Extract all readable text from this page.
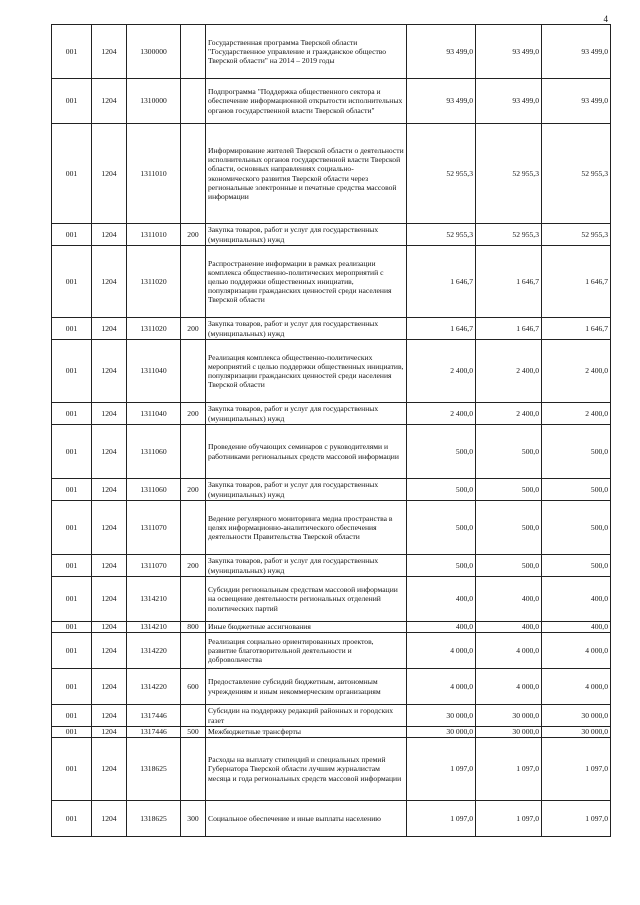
4
001	1204	1300000		Государственная программа Тверской области "Государственное управление и гражданское общество Тверской области" на 2014 – 2019 годы	93 499,0	93 499,0	93 499,0
001	1204	1310000		Подпрограмма "Поддержка общественного сектора и обеспечение информационной открытости исполнительных органов государственной власти Тверской области"	93 499,0	93 499,0	93 499,0
001	1204	1311010		Информирование жителей Тверской области о деятельности исполнительных органов государственной власти Тверской области, основных направлениях социально-экономического развития Тверской области через региональные электронные и печатные средства массовой информации	52 955,3	52 955,3	52 955,3
001	1204	1311010	200	Закупка товаров, работ и услуг для государственных (муниципальных) нужд	52 955,3	52 955,3	52 955,3
001	1204	1311020		Распространение информации в рамках реализации комплекса общественно-политических мероприятий с целью поддержки общественных инициатив, популяризации гражданских ценностей среди населения Тверской области	1 646,7	1 646,7	1 646,7
001	1204	1311020	200	Закупка товаров, работ и услуг для государственных (муниципальных) нужд	1 646,7	1 646,7	1 646,7
001	1204	1311040		Реализация комплекса общественно-политических мероприятий с целью поддержки общественных инициатив, популяризации гражданских ценностей среди населения Тверской области	2 400,0	2 400,0	2 400,0
001	1204	1311040	200	Закупка товаров, работ и услуг для государственных (муниципальных) нужд	2 400,0	2 400,0	2 400,0
001	1204	1311060		Проведение обучающих семинаров с руководителями и работниками региональных средств массовой информации	500,0	500,0	500,0
001	1204	1311060	200	Закупка товаров, работ и услуг для государственных (муниципальных) нужд	500,0	500,0	500,0
001	1204	1311070		Ведение регулярного мониторинга медиа пространства в целях информационно-аналитического обеспечения деятельности Правительства Тверской области	500,0	500,0	500,0
001	1204	1311070	200	Закупка товаров, работ и услуг для государственных (муниципальных) нужд	500,0	500,0	500,0
001	1204	1314210		Субсидии региональным средствам массовой информации на освещение деятельности региональных отделений политических партий	400,0	400,0	400,0
001	1204	1314210	800	Иные бюджетные ассигнования	400,0	400,0	400,0
001	1204	1314220		Реализация социально ориентированных проектов, развитие благотворительной деятельности и добровольчества	4 000,0	4 000,0	4 000,0
001	1204	1314220	600	Предоставление субсидий бюджетным, автономным учреждениям и иным некоммерческим организациям	4 000,0	4 000,0	4 000,0
001	1204	1317446		Субсидии на поддержку редакций районных и городских газет	30 000,0	30 000,0	30 000,0
001	1204	1317446	500	Межбюджетные трансферты	30 000,0	30 000,0	30 000,0
001	1204	1318625		Расходы на выплату стипендий и специальных премий Губернатора Тверской области лучшим журналистам месяца и года региональных средств массовой информации	1 097,0	1 097,0	1 097,0
001	1204	1318625	300	Социальное обеспечение и иные выплаты населению	1 097,0	1 097,0	1 097,0
